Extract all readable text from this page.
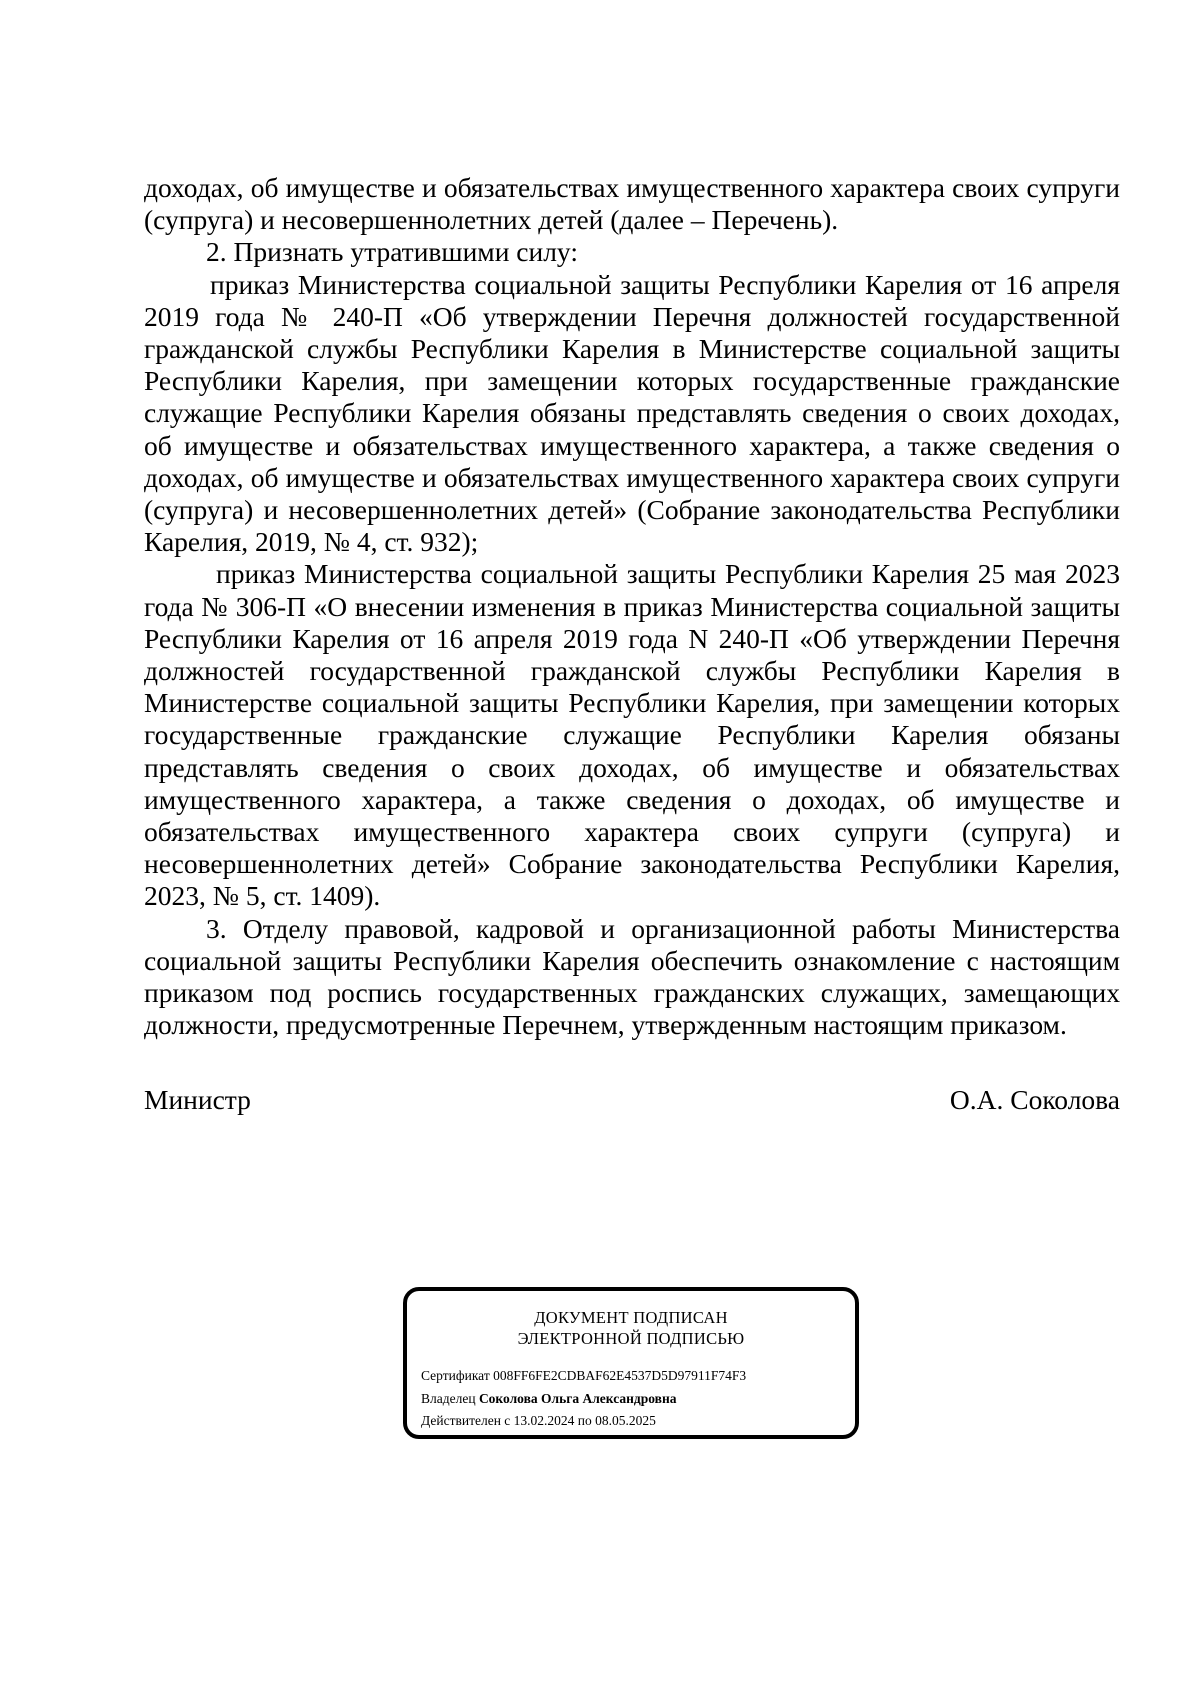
доходах, об имуществе и обязательствах имущественного характера своих супруги (супруга) и несовершеннолетних детей (далее – Перечень).

2. Признать утратившими силу:

приказ Министерства социальной защиты Республики Карелия от 16 апреля 2019 года № 240-П «Об утверждении Перечня должностей государственной гражданской службы Республики Карелия в Министерстве социальной защиты Республики Карелия, при замещении которых государственные гражданские служащие Республики Карелия обязаны представлять сведения о своих доходах, об имуществе и обязательствах имущественного характера, а также сведения о доходах, об имуществе и обязательствах имущественного характера своих супруги (супруга) и несовершеннолетних детей» (Собрание законодательства Республики Карелия, 2019, № 4, ст. 932);

приказ Министерства социальной защиты Республики Карелия 25 мая 2023 года № 306-П «О внесении изменения в приказ Министерства социальной защиты Республики Карелия от 16 апреля 2019 года N 240-П «Об утверждении Перечня должностей государственной гражданской службы Республики Карелия в Министерстве социальной защиты Республики Карелия, при замещении которых государственные гражданские служащие Республики Карелия обязаны представлять сведения о своих доходах, об имуществе и обязательствах имущественного характера, а также сведения о доходах, об имуществе и обязательствах имущественного характера своих супруги (супруга) и несовершеннолетних детей» Собрание законодательства Республики Карелия, 2023, № 5, ст. 1409).

3. Отделу правовой, кадровой и организационной работы Министерства социальной защиты Республики Карелия обеспечить ознакомление с настоящим приказом под роспись государственных гражданских служащих, замещающих должности, предусмотренные Перечнем, утвержденным настоящим приказом.

Министр	О.А. Соколова
ДОКУМЕНТ ПОДПИСАН
ЭЛЕКТРОННОЙ ПОДПИСЬЮ
Сертификат 008FF6FE2CDBAF62E4537D5D97911F74F3
Владелец Соколова Ольга Александровна
Действителен с 13.02.2024 по 08.05.2025
